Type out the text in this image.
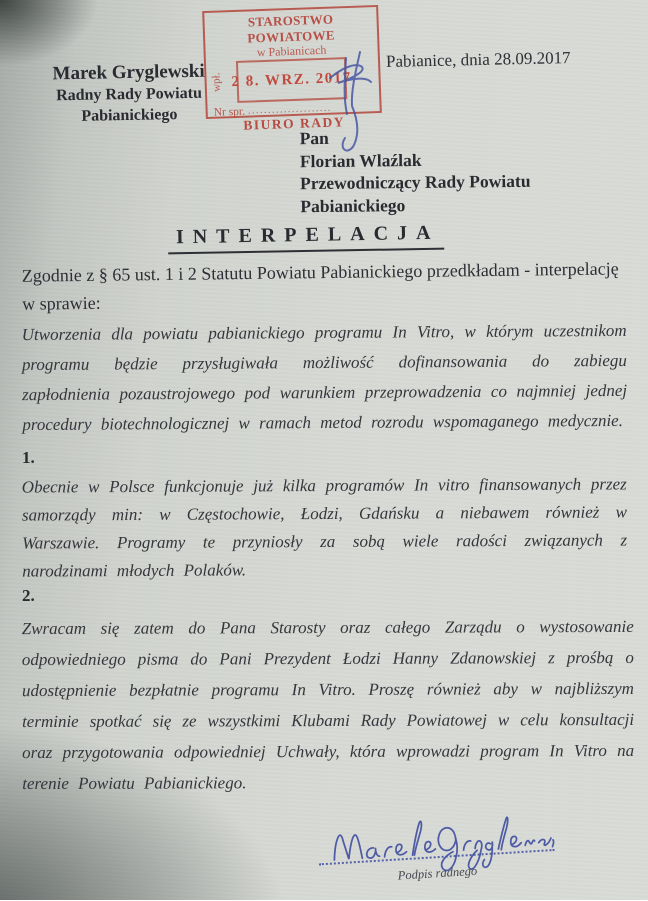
STAROSTWO POWIATOWE
w Pabianicach
wpł. 2 8. WRZ. 2017
Nr spr. .....................
BIURO RADY
Pabianice, dnia 28.09.2017
Marek Gryglewski
Radny Rady Powiatu
Pabianickiego
Pan
Florian Wlaźlak
Przewodniczący Rady Powiatu
Pabianickiego
INTERPELACJA
Zgodnie z § 65 ust. 1 i 2 Statutu Powiatu Pabianickiego przedkładam - interpelację
w sprawie:
Utworzenia dla powiatu pabianickiego programu In Vitro, w którym uczestnikom programu będzie przysługiwała możliwość dofinansowania do zabiegu zapłodnienia pozaustrojowego pod warunkiem przeprowadzenia co najmniej jednej procedury biotechnologicznej w ramach metod rozrodu wspomaganego medycznie.
1.
Obecnie w Polsce funkcjonuje już kilka programów In vitro finansowanych przez samorządy min: w Częstochowie, Łodzi, Gdańsku a niebawem również w Warszawie. Programy te przyniosły za sobą wiele radości związanych z narodzinami młodych Polaków.
2.
Zwracam się zatem do Pana Starosty oraz całego Zarządu o wystosowanie odpowiedniego pisma do Pani Prezydent Łodzi Hanny Zdanowskiej z prośbą o udostępnienie bezpłatnie programu In Vitro. Proszę również aby w najbliższym terminie spotkać się ze wszystkimi Klubami Rady Powiatowej w celu konsultacji oraz przygotowania odpowiedniej Uchwały, która wprowadzi program In Vitro na terenie Powiatu Pabianickiego.
Podpis radnego
